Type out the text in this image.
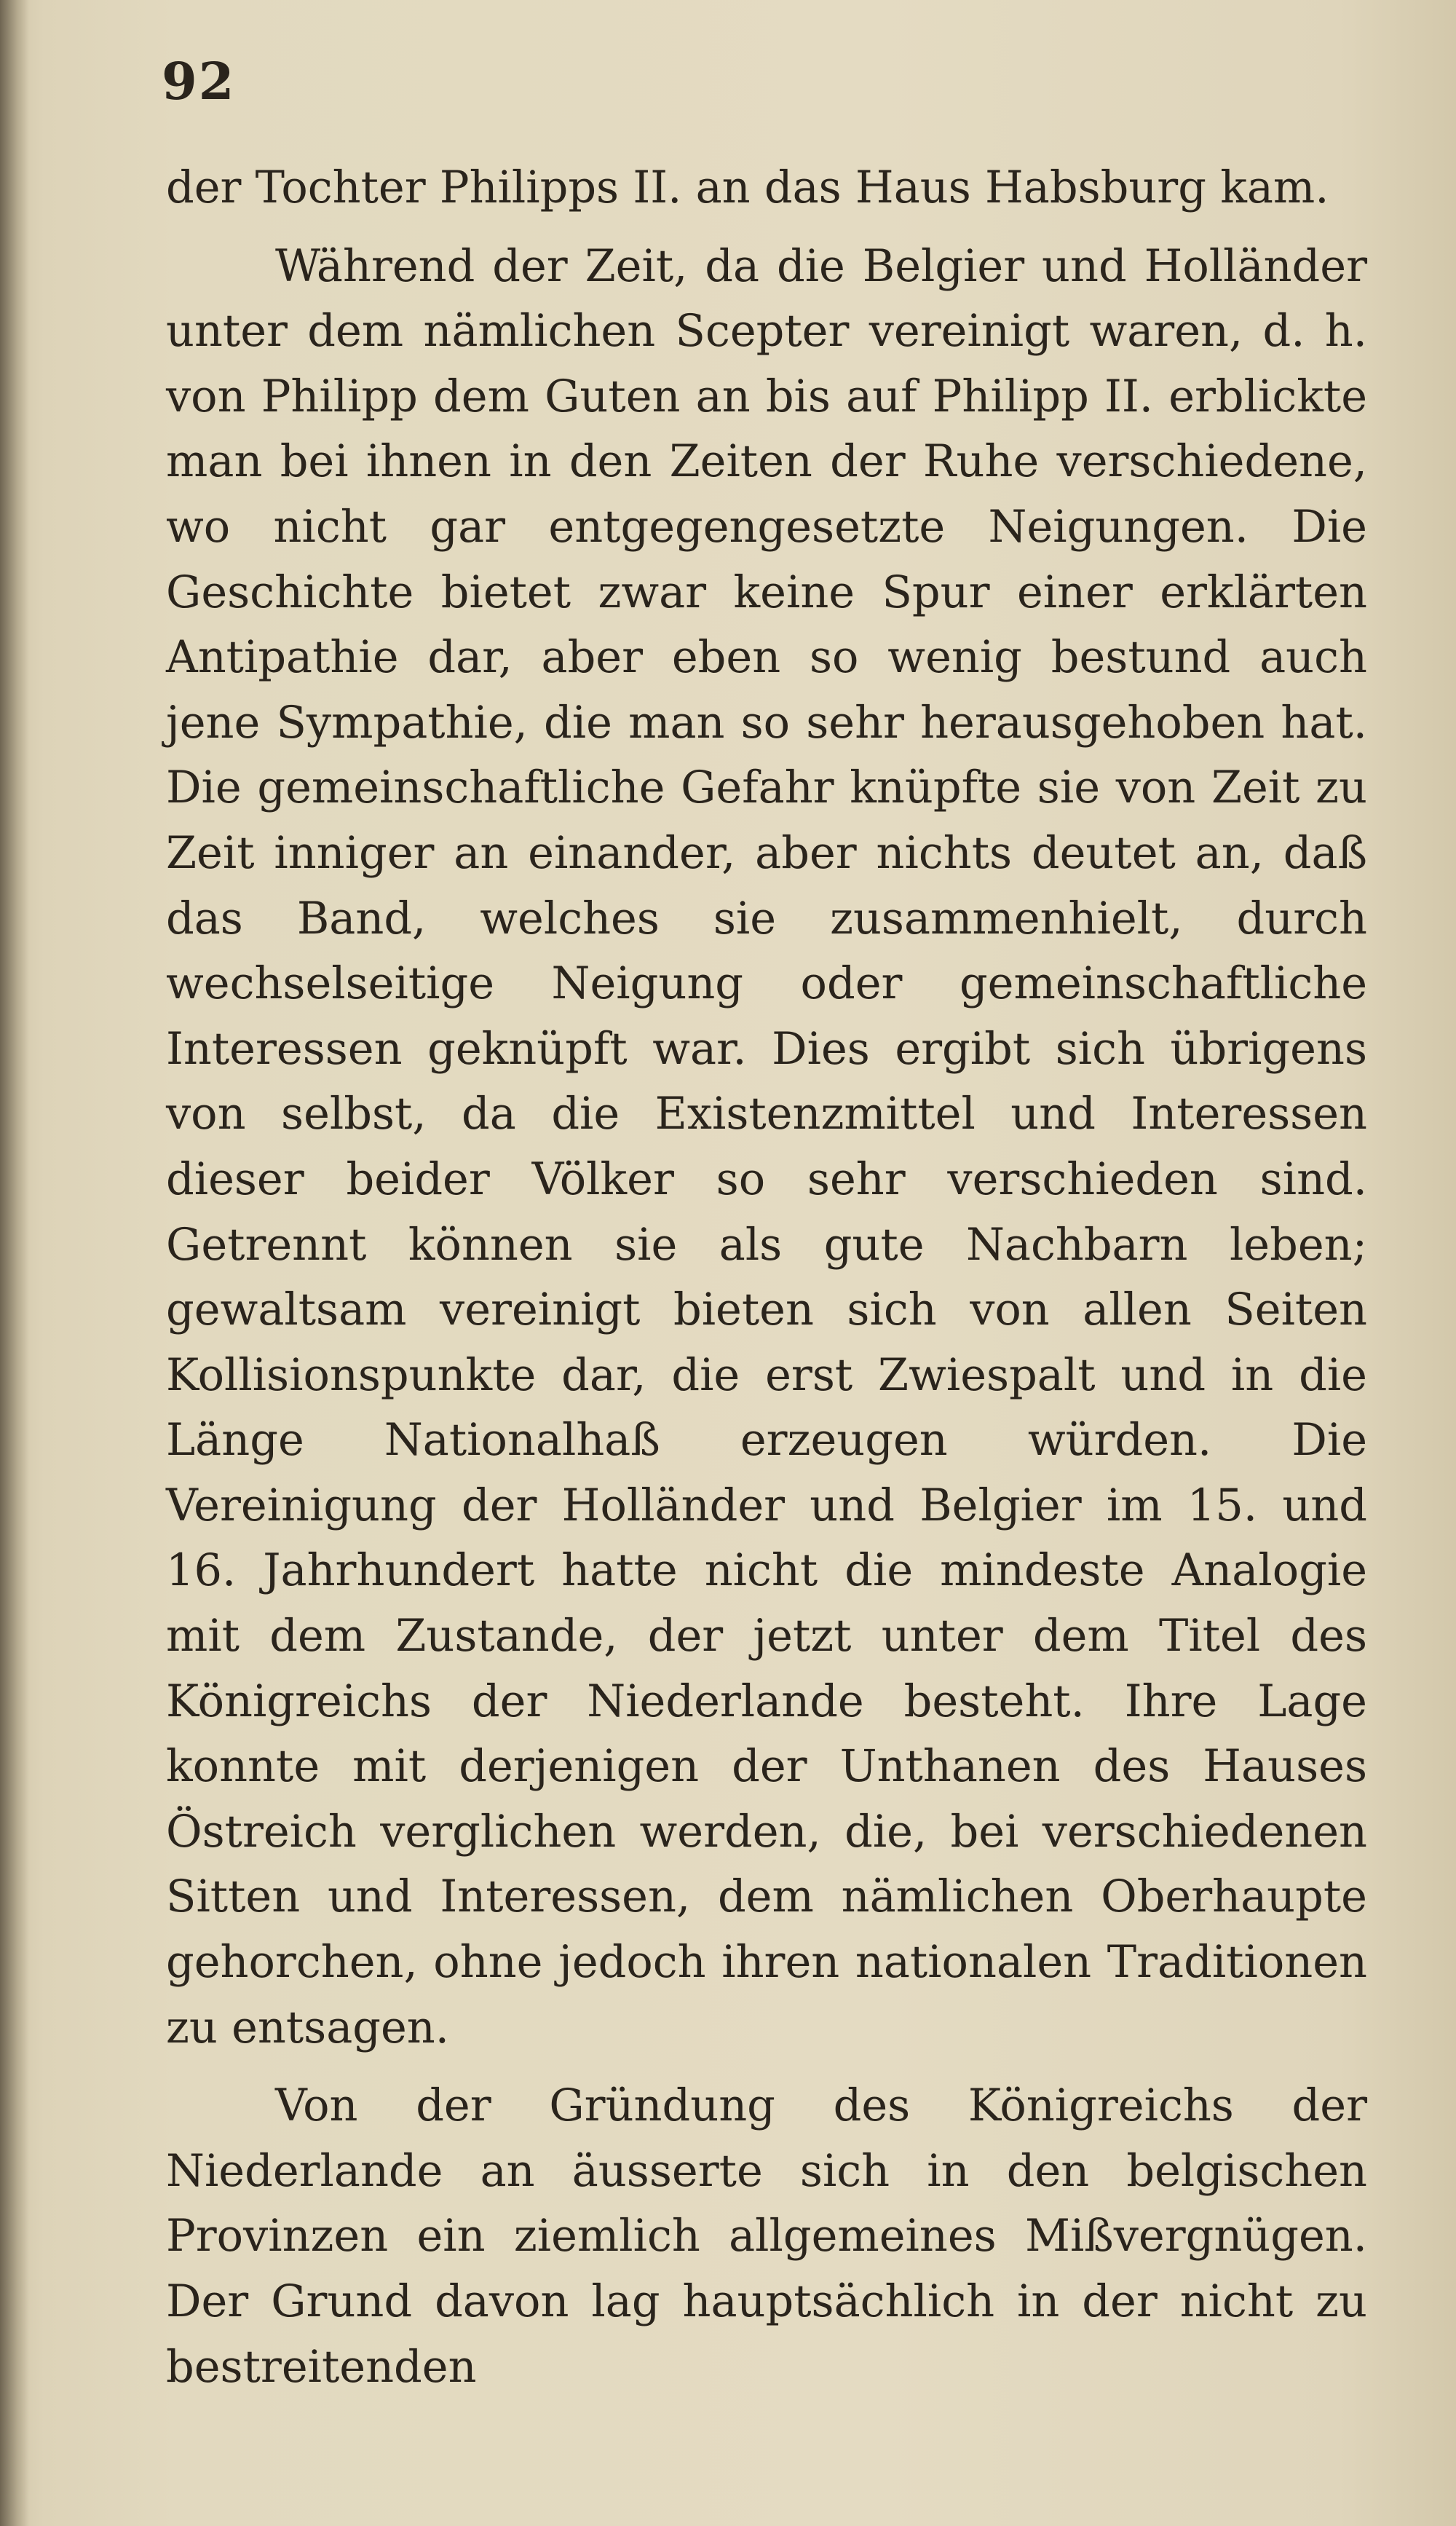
92

der Tochter Philipps II. an das Haus Habsburg kam.

Während der Zeit, da die Belgier und Holländer unter dem nämlichen Scepter vereinigt waren, d. h. von Philipp dem Guten an bis auf Philipp II. erblickte man bei ihnen in den Zeiten der Ruhe verschiedene, wo nicht gar entgegengesetzte Neigungen. Die Geschichte bietet zwar keine Spur einer erklärten Antipathie dar, aber eben so wenig bestund auch jene Sympathie, die man so sehr herausgehoben hat. Die gemeinschaftliche Gefahr knüpfte sie von Zeit zu Zeit inniger an einander, aber nichts deutet an, daß das Band, welches sie zusammenhielt, durch wechselseitige Neigung oder gemeinschaftliche Interessen geknüpft war. Dies ergibt sich übrigens von selbst, da die Existenzmittel und Interessen dieser beider Völker so sehr verschieden sind. Getrennt können sie als gute Nachbarn leben; gewaltsam vereinigt bieten sich von allen Seiten Kollisionspunkte dar, die erst Zwiespalt und in die Länge Nationalhaß erzeugen würden. Die Vereinigung der Holländer und Belgier im 15. und 16. Jahrhundert hatte nicht die mindeste Analogie mit dem Zustande, der jetzt unter dem Titel des Königreichs der Niederlande besteht. Ihre Lage konnte mit derjenigen der Unthanen des Hauses Östreich verglichen werden, die, bei verschiedenen Sitten und Interessen, dem nämlichen Oberhaupte gehorchen, ohne jedoch ihren nationalen Traditionen zu entsagen.

Von der Gründung des Königreichs der Niederlande an äusserte sich in den belgischen Provinzen ein ziemlich allgemeines Mißvergnügen. Der Grund davon lag hauptsächlich in der nicht zu bestreitenden
